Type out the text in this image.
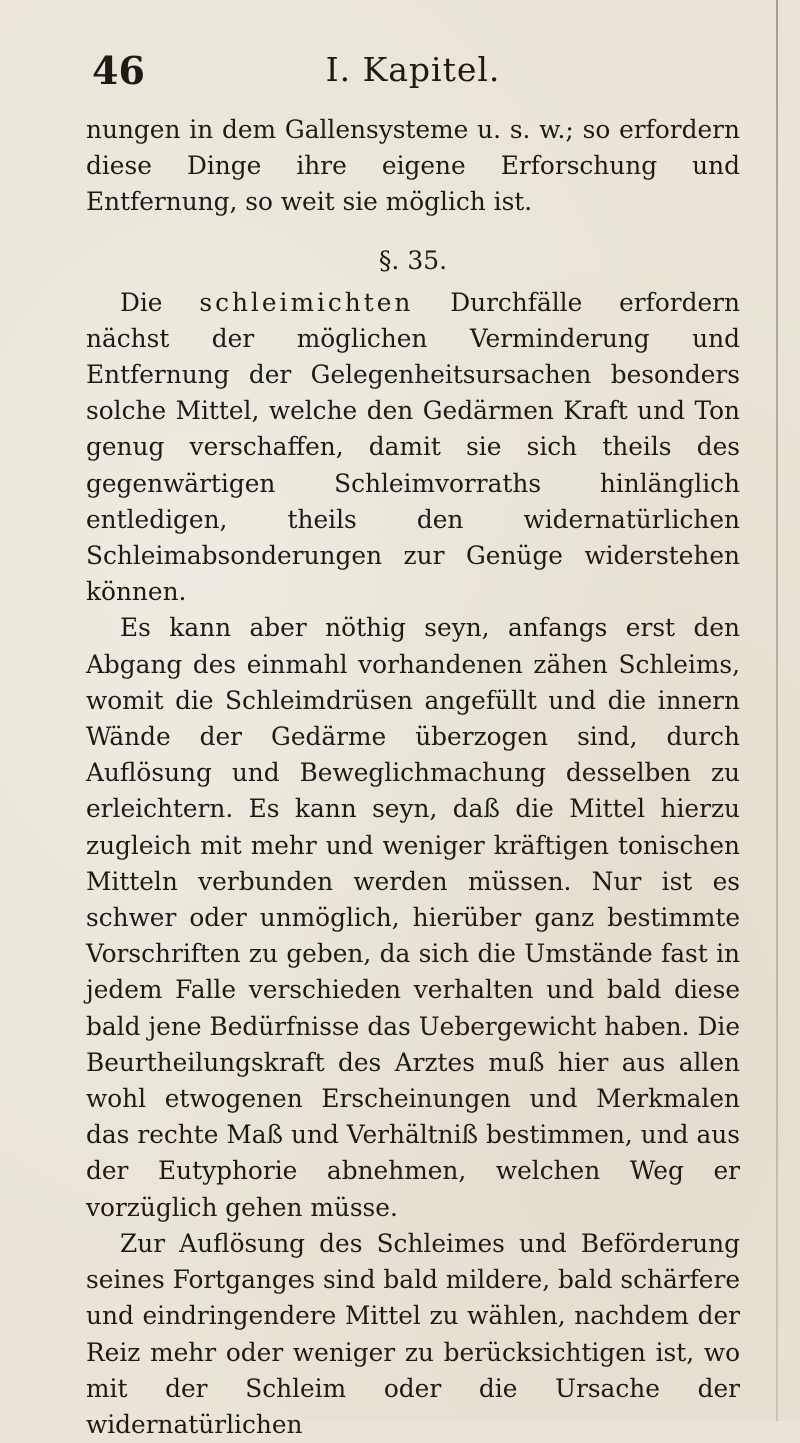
46	I. Kapitel.

nungen in dem Gallensysteme u. s. w.; so erfordern diese Dinge ihre eigene Erforschung und Entfernung, so weit sie möglich ist.

§. 35.

Die schleimichten Durchfälle erfordern nächst der möglichen Verminderung und Entfernung der Gelegenheitsursachen besonders solche Mittel, welche den Gedärmen Kraft und Ton genug verschaffen, damit sie sich theils des gegenwärtigen Schleimvorraths hinlänglich entledigen, theils den widernatürlichen Schleimabsonderungen zur Genüge widerstehen können.

Es kann aber nöthig seyn, anfangs erst den Abgang des einmahl vorhandenen zähen Schleims, womit die Schleimdrüsen angefüllt und die innern Wände der Gedärme überzogen sind, durch Auflösung und Beweglichmachung desselben zu erleichtern. Es kann seyn, daß die Mittel hierzu zugleich mit mehr und weniger kräftigen tonischen Mitteln verbunden werden müssen. Nur ist es schwer oder unmöglich, hierüber ganz bestimmte Vorschriften zu geben, da sich die Umstände fast in jedem Falle verschieden verhalten und bald diese bald jene Bedürfnisse das Uebergewicht haben. Die Beurtheilungskraft des Arztes muß hier aus allen wohl etwogenen Erscheinungen und Merkmalen das rechte Maß und Verhältniß bestimmen, und aus der Eutyphorie abnehmen, welchen Weg er vorzüglich gehen müsse.

Zur Auflösung des Schleimes und Beförderung seines Fortganges sind bald mildere, bald schärfere und eindringendere Mittel zu wählen, nachdem der Reiz mehr oder weniger zu berücksichtigen ist, wo mit der Schleim oder die Ursache der widernatürlichen
